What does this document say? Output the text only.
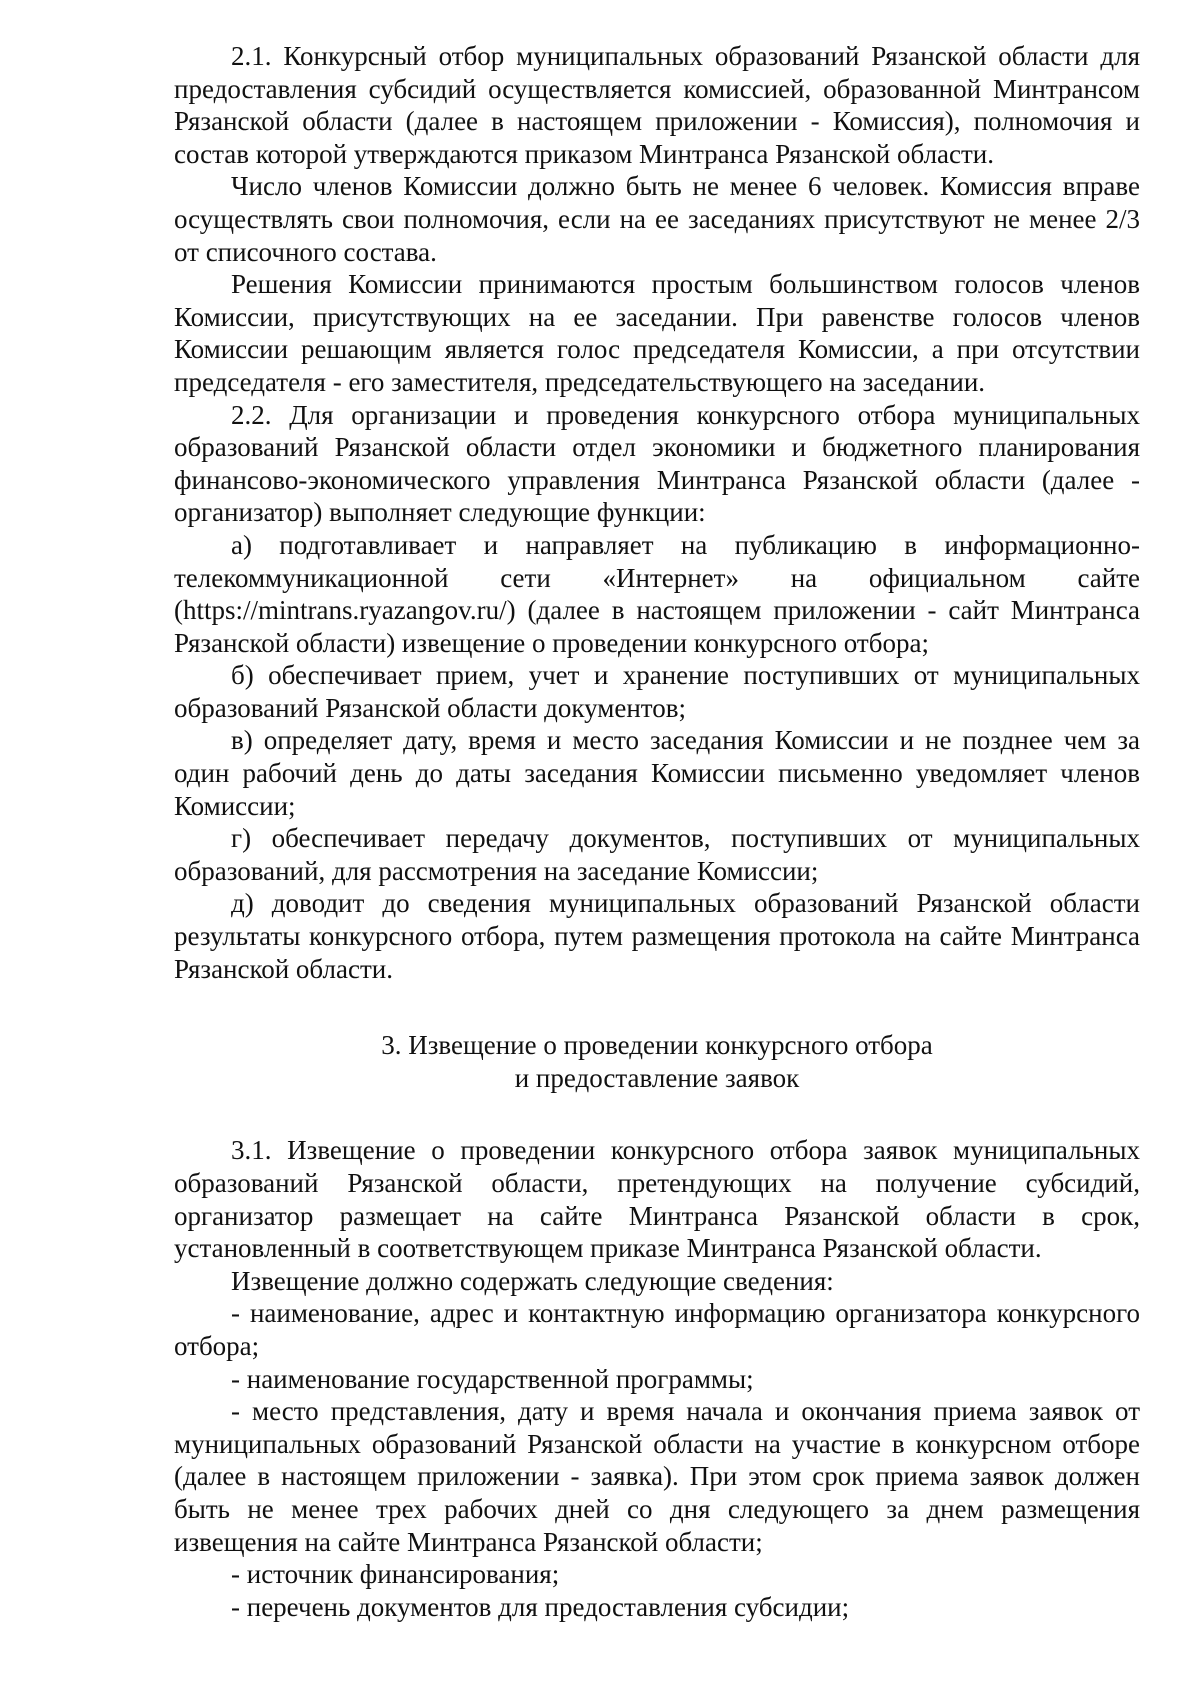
2.1. Конкурсный отбор муниципальных образований Рязанской области для предоставления субсидий осуществляется комиссией, образованной Минтрансом Рязанской области (далее в настоящем приложении - Комиссия), полномочия и состав которой утверждаются приказом Минтранса Рязанской области.

Число членов Комиссии должно быть не менее 6 человек. Комиссия вправе осуществлять свои полномочия, если на ее заседаниях присутствуют не менее 2/3 от списочного состава.

Решения Комиссии принимаются простым большинством голосов членов Комиссии, присутствующих на ее заседании. При равенстве голосов членов Комиссии решающим является голос председателя Комиссии, а при отсутствии председателя - его заместителя, председательствующего на заседании.

2.2. Для организации и проведения конкурсного отбора муниципальных образований Рязанской области отдел экономики и бюджетного планирования финансово-экономического управления Минтранса Рязанской области (далее - организатор) выполняет следующие функции:

а) подготавливает и направляет на публикацию в информационно-телекоммуникационной сети «Интернет» на официальном сайте (https://mintrans.ryazangov.ru/) (далее в настоящем приложении - сайт Минтранса Рязанской области) извещение о проведении конкурсного отбора;

б) обеспечивает прием, учет и хранение поступивших от муниципальных образований Рязанской области документов;

в) определяет дату, время и место заседания Комиссии и не позднее чем за один рабочий день до даты заседания Комиссии письменно уведомляет членов Комиссии;

г) обеспечивает передачу документов, поступивших от муниципальных образований, для рассмотрения на заседание Комиссии;

д) доводит до сведения муниципальных образований Рязанской области результаты конкурсного отбора, путем размещения протокола на сайте Минтранса Рязанской области.

3. Извещение о проведении конкурсного отбора
и предоставление заявок

3.1. Извещение о проведении конкурсного отбора заявок муниципальных образований Рязанской области, претендующих на получение субсидий, организатор размещает на сайте Минтранса Рязанской области в срок, установленный в соответствующем приказе Минтранса Рязанской области.

Извещение должно содержать следующие сведения:

- наименование, адрес и контактную информацию организатора конкурсного отбора;

- наименование государственной программы;

- место представления, дату и время начала и окончания приема заявок от муниципальных образований Рязанской области на участие в конкурсном отборе (далее в настоящем приложении - заявка). При этом срок приема заявок должен быть не менее трех рабочих дней со дня следующего за днем размещения извещения на сайте Минтранса Рязанской области;

- источник финансирования;

- перечень документов для предоставления субсидии;
